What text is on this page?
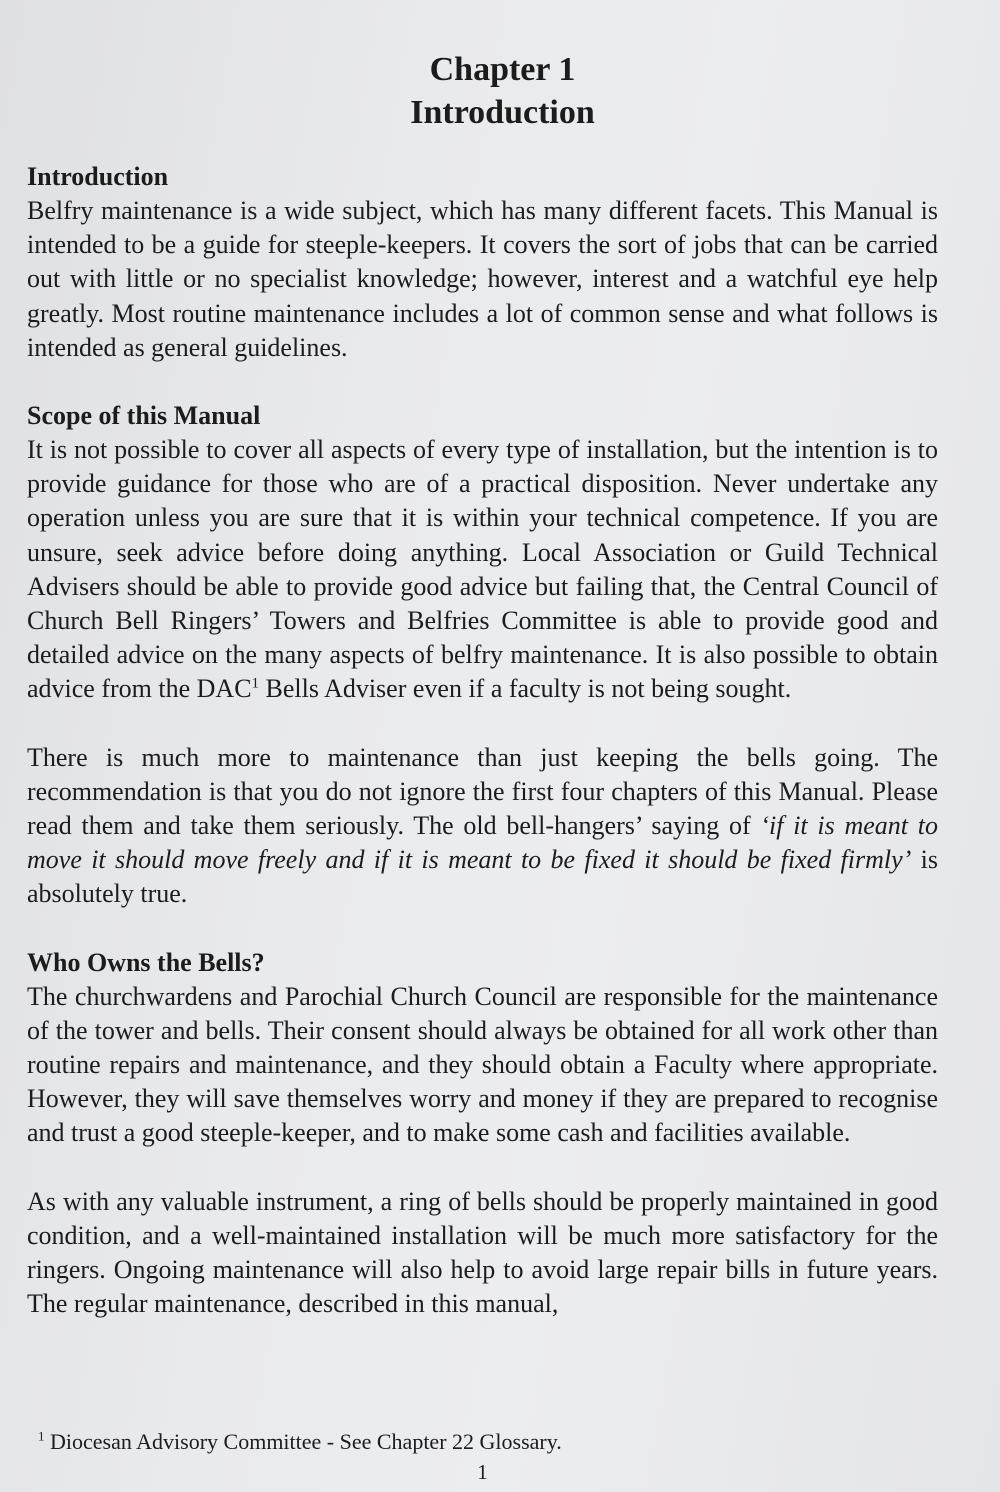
Chapter 1
Introduction
Introduction

Belfry maintenance is a wide subject, which has many different facets. This Manual is intended to be a guide for steeple-keepers. It covers the sort of jobs that can be carried out with little or no specialist knowledge; however, interest and a watchful eye help greatly. Most routine maintenance includes a lot of common sense and what follows is intended as general guidelines.

Scope of this Manual

It is not possible to cover all aspects of every type of installation, but the intention is to provide guidance for those who are of a practical disposition. Never undertake any operation unless you are sure that it is within your technical competence. If you are unsure, seek advice before doing anything. Local Association or Guild Technical Advisers should be able to provide good advice but failing that, the Central Council of Church Bell Ringers’ Towers and Belfries Committee is able to provide good and detailed advice on the many aspects of belfry maintenance. It is also possible to obtain advice from the DAC$^1$ Bells Adviser even if a faculty is not being sought.

There is much more to maintenance than just keeping the bells going. The recommendation is that you do not ignore the first four chapters of this Manual. Please read them and take them seriously. The old bell-hangers’ saying of ‘if it is meant to move it should move freely and if it is meant to be fixed it should be fixed firmly’ is absolutely true.

Who Owns the Bells?

The churchwardens and Parochial Church Council are responsible for the maintenance of the tower and bells. Their consent should always be obtained for all work other than routine repairs and maintenance, and they should obtain a Faculty where appropriate. However, they will save themselves worry and money if they are prepared to recognise and trust a good steeple-keeper, and to make some cash and facilities available.

As with any valuable instrument, a ring of bells should be properly maintained in good condition, and a well-maintained installation will be much more satisfactory for the ringers. Ongoing maintenance will also help to avoid large repair bills in future years. The regular maintenance, described in this manual,

$^1$ Diocesan Advisory Committee - See Chapter 22 Glossary.
1
